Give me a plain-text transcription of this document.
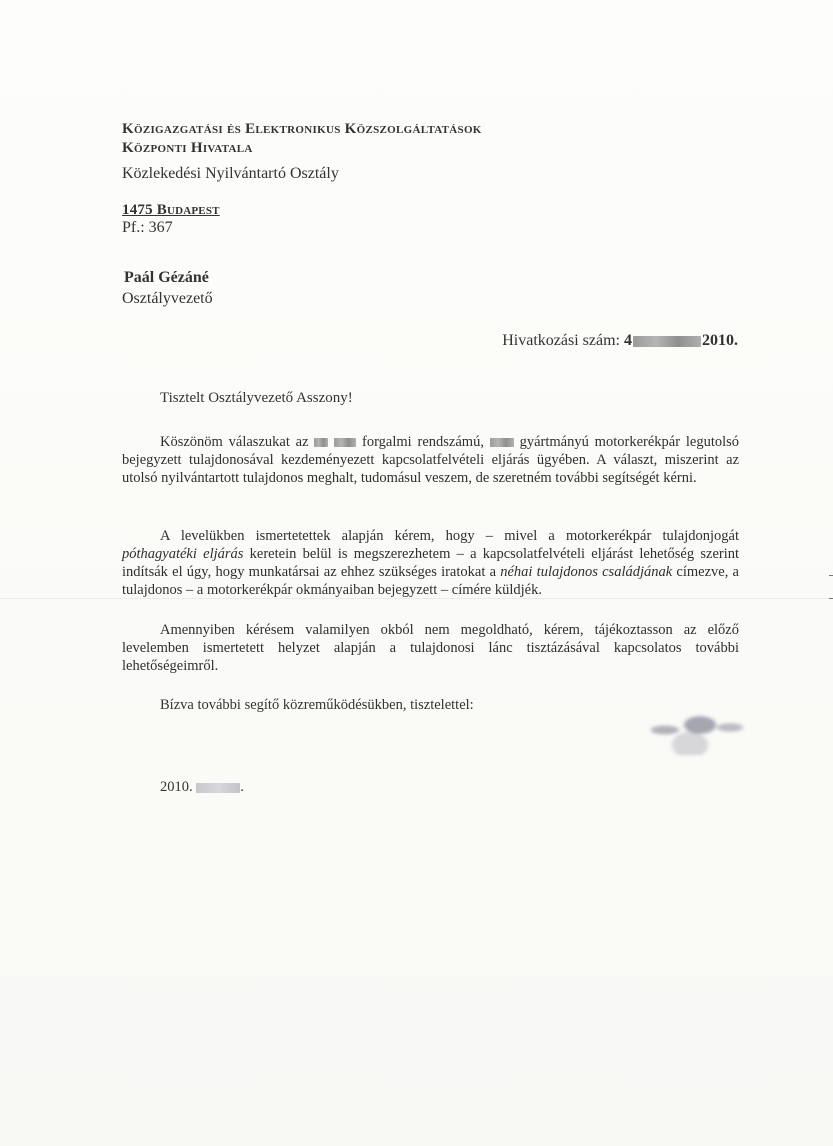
Közigazgatási és Elektronikus Közszolgáltatások
Központi Hivatala
Közlekedési Nyilvántartó Osztály
1475 Budapest
Pf.: 367
Paál Gézáné
Osztályvezető
Hivatkozási szám: 4	2010.
Tisztelt Osztályvezető Asszony!

Köszönöm válaszukat az	forgalmi rendszámú, gyártmányú motorkerékpár legutolsó bejegyzett tulajdonosával kezdeményezett kapcsolatfelvételi eljárás ügyében. A választ, miszerint az utolsó nyilvántartott tulajdonos meghalt, tudomásul veszem, de szeretném további segítségét kérni.

A levelükben ismertetettek alapján kérem, hogy – mivel a motorkerékpár tulajdonjogát póthagyatéki eljárás keretein belül is megszerezhetem – a kapcsolatfelvételi eljárást lehetőség szerint indítsák el úgy, hogy munkatársai az ehhez szükséges iratokat a néhai tulajdonos családjának címezve, a tulajdonos – a motorkerékpár okmányaiban bejegyzett – címére küldjék.

Amennyiben kérésem valamilyen okból nem megoldható, kérem, tájékoztasson az előző levelemben ismertetett helyzet alapján a tulajdonosi lánc tisztázásával kapcsolatos további lehetőségeimről.

Bízva további segítő közreműködésükben, tisztelettel:
2010.	.
